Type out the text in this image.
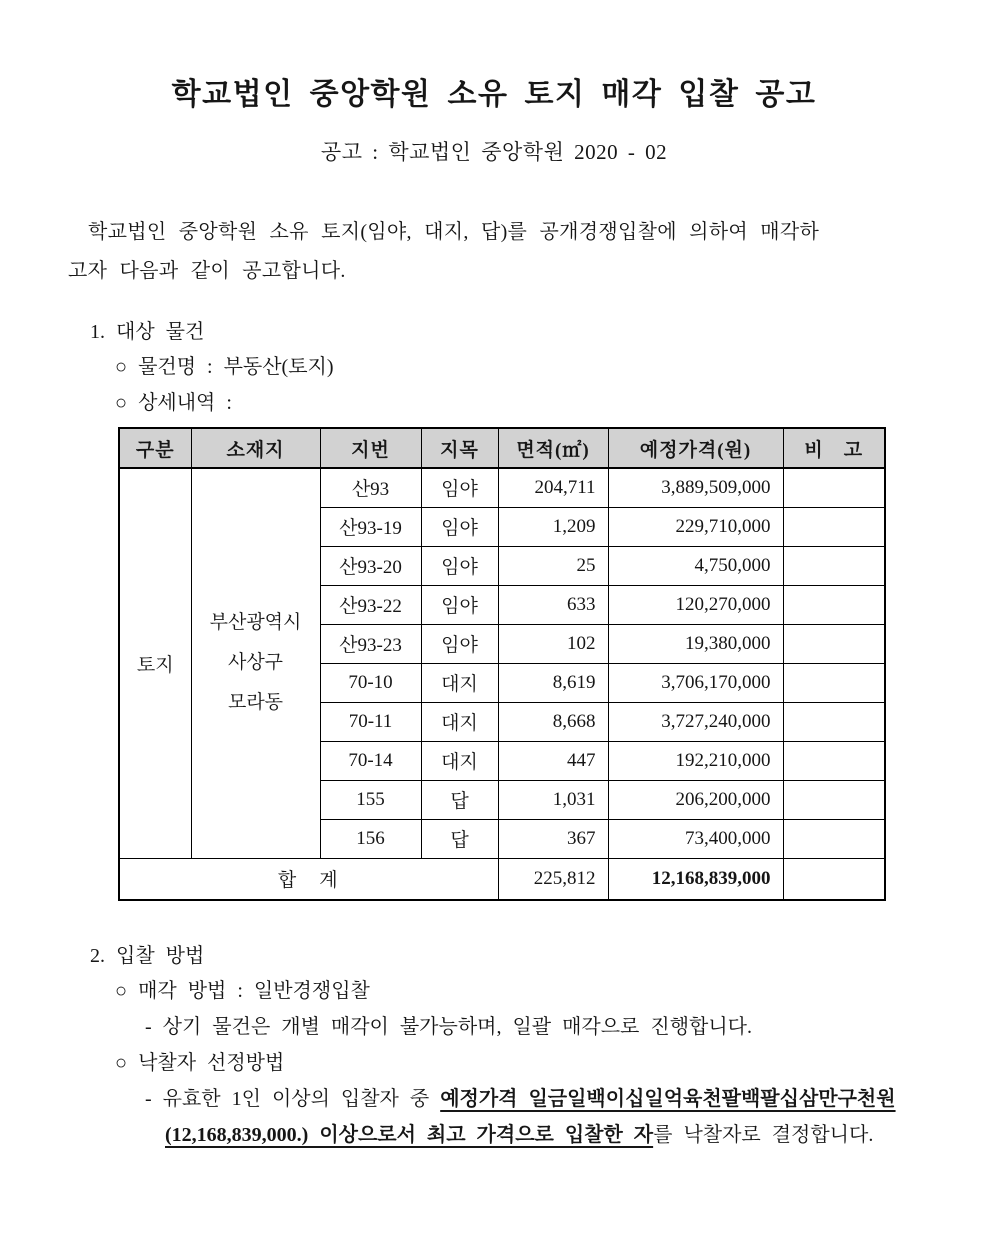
학교법인 중앙학원 소유 토지 매각 입찰 공고
공고 : 학교법인 중앙학원 2020 - 02

학교법인 중앙학원 소유 토지(임야, 대지, 답)를 공개경쟁입찰에 의하여 매각하

고자 다음과 같이 공고합니다.

1. 대상 물건
○ 물건명 : 부동산(토지)
○ 상세내역 :
구분	소재지	지번	지목	면적(㎡)	예정가격(원)	비　고
토지	부산광역시
사상구
모라동	산93	임야	204,711	3,889,509,000	
		산93-19	임야	1,209	229,710,000	
		산93-20	임야	25	4,750,000	
		산93-22	임야	633	120,270,000	
		산93-23	임야	102	19,380,000	
		70-10	대지	8,619	3,706,170,000	
		70-11	대지	8,668	3,727,240,000	
		70-14	대지	447	192,210,000	
		155	답	1,031	206,200,000	
		156	답	367	73,400,000	
합　계				225,812	12,168,839,000	
2. 입찰 방법
○ 매각 방법 : 일반경쟁입찰
- 상기 물건은 개별 매각이 불가능하며, 일괄 매각으로 진행합니다.
○ 낙찰자 선정방법
- 유효한 1인 이상의 입찰자 중 예정가격 일금일백이십일억육천팔백팔십삼만구천원(12,168,839,000.) 이상으로서 최고 가격으로 입찰한 자를 낙찰자로 결정합니다.
